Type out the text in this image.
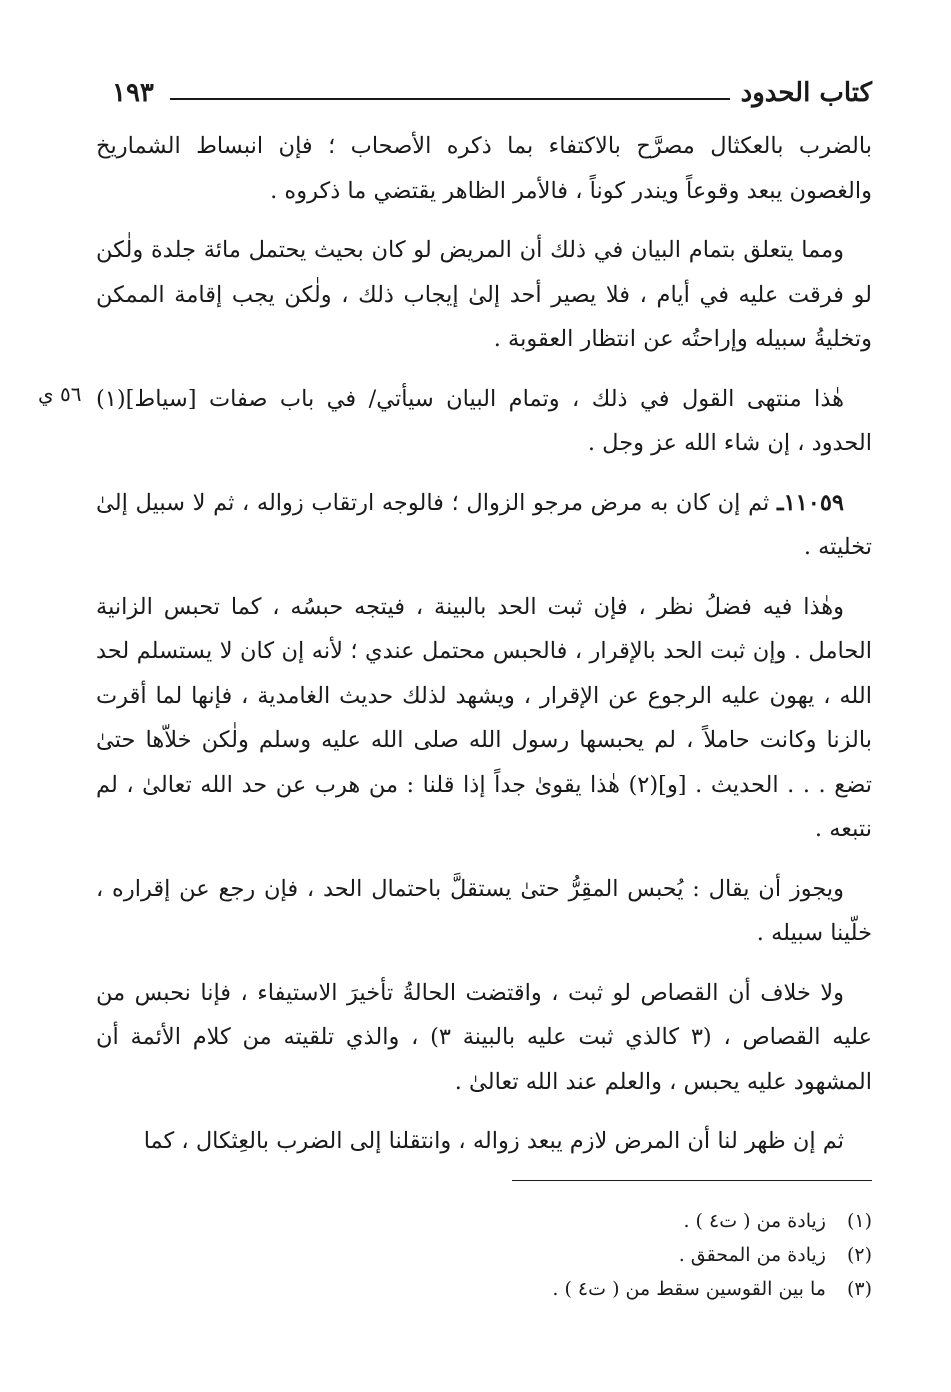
كتاب الحدود
١٩٣
٥٦ ي

بالضرب بالعكثال مصرَّح بالاكتفاء بما ذكره الأصحاب ؛ فإن انبساط الشماريخ والغصون يبعد وقوعاً ويندر كوناً ، فالأمر الظاهر يقتضي ما ذكروه .

ومما يتعلق بتمام البيان في ذلك أن المريض لو كان بحيث يحتمل مائة جلدة ولٰكن لو فرقت عليه في أيام ، فلا يصير أحد إلىٰ إيجاب ذلك ، ولٰكن يجب إقامة الممكن وتخليةُ سبيله وإراحتُه عن انتظار العقوبة .

هٰذا منتهى القول في ذلك ، وتمام البيان سيأتي/ في باب صفات [سياط](١) الحدود ، إن شاء الله عز وجل .

١١٠٥٩ـ ثم إن كان به مرض مرجو الزوال ؛ فالوجه ارتقاب زواله ، ثم لا سبيل إلىٰ تخليته .

وهٰذا فيه فضلُ نظر ، فإن ثبت الحد بالبينة ، فيتجه حبسُه ، كما تحبس الزانية الحامل . وإن ثبت الحد بالإقرار ، فالحبس محتمل عندي ؛ لأنه إن كان لا يستسلم لحد الله ، يهون عليه الرجوع عن الإقرار ، ويشهد لذلك حديث الغامدية ، فإنها لما أقرت بالزنا وكانت حاملاً ، لم يحبسها رسول الله صلى الله عليه وسلم ولٰكن خلاّها حتىٰ تضع . . . الحديث . [و](٢) هٰذا يقوىٰ جداً إذا قلنا : من هرب عن حد الله تعالىٰ ، لم نتبعه .

ويجوز أن يقال : يُحبس المقِرُّ حتىٰ يستقلَّ باحتمال الحد ، فإن رجع عن إقراره ، خلّينا سبيله .

ولا خلاف أن القصاص لو ثبت ، واقتضت الحالةُ تأخيرَ الاستيفاء ، فإنا نحبس من عليه القصاص ، (٣ كالذي ثبت عليه بالبينة ٣) ، والذي تلقيته من كلام الأئمة أن المشهود عليه يحبس ، والعلم عند الله تعالىٰ .

ثم إن ظهر لنا أن المرض لازم يبعد زواله ، وانتقلنا إلى الضرب بالعِثكال ، كما

(١) زيادة من ( ت٤ ) .
(٢) زيادة من المحقق .
(٣) ما بين القوسين سقط من ( ت٤ ) .
